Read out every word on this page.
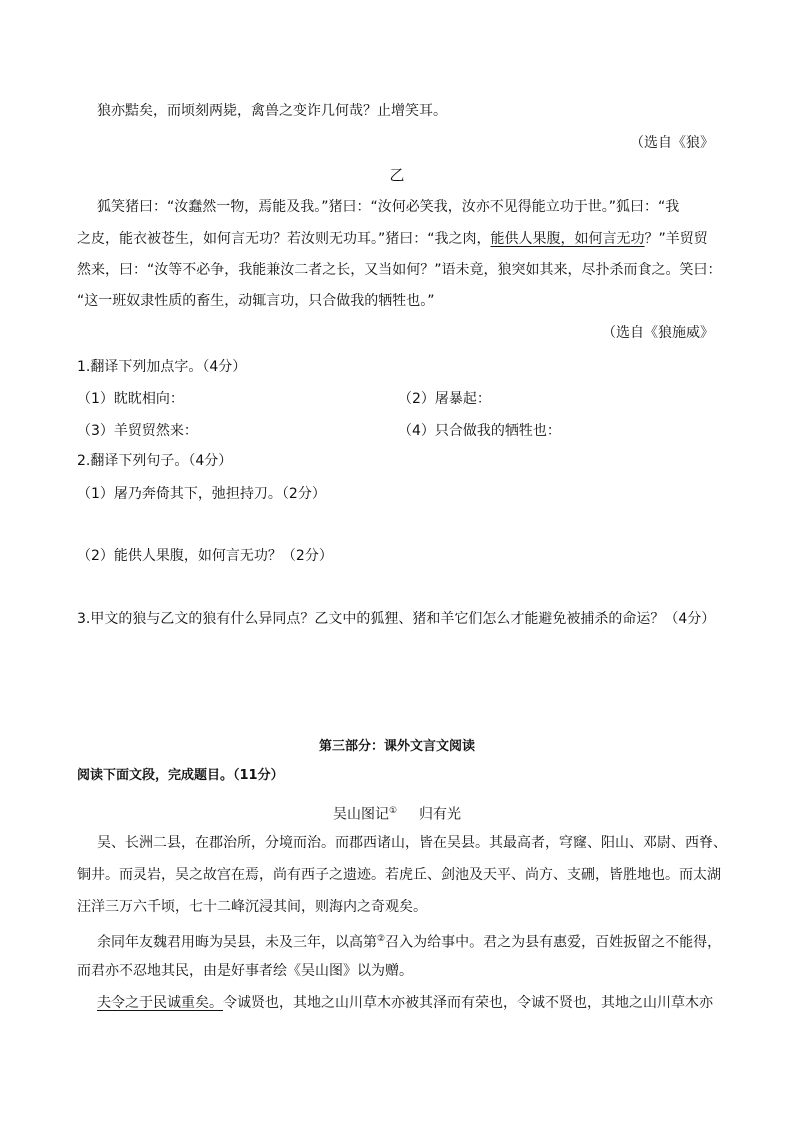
狼亦黠矣，而顷刻两毙，禽兽之变诈几何哉？止增笑耳。
（选自《狼》
乙
狐笑猪曰：“汝蠢然一物，焉能及我。”猪曰：“汝何必笑我，汝亦不见得能立功于世。”狐曰：“我
之皮，能衣被苍生，如何言无功？若汝则无功耳。”猪曰：“我之肉，能供人果腹，如何言无功？”羊贸贸
然来，曰：“汝等不必争，我能兼汝二者之长，又当如何？”语未竟，狼突如其来，尽扑杀而食之。笑曰：
“这一班奴隶性质的畜生，动辄言功，只合做我的牺牲也。”
（选自《狼施威》
1.翻译下列加点字。（4分）
（1）眈眈相向：	（2）屠暴起：
（3）羊贸贸然来：	（4）只合做我的牺牲也：
2.翻译下列句子。（4分）
（1）屠乃奔倚其下，弛担持刀。（2分）
（2）能供人果腹，如何言无功？（2分）
3.甲文的狼与乙文的狼有什么异同点？乙文中的狐狸、猪和羊它们怎么才能避免被捕杀的命运？（4分）
第三部分：课外文言文阅读
阅读下面文段，完成题目。（11分）
吴山图记① 归有光
吴、长洲二县，在郡治所，分境而治。而郡西诸山，皆在吴县。其最高者，穹窿、阳山、邓尉、西脊、
铜井。而灵岩，吴之故宫在焉，尚有西子之遗迹。若虎丘、剑池及天平、尚方、支硎，皆胜地也。而太湖
汪洋三万六千顷，七十二峰沉浸其间，则海内之奇观矣。
余同年友魏君用晦为吴县，未及三年，以高第②召入为给事中。君之为县有惠爱，百姓扳留之不能得，
而君亦不忍地其民，由是好事者绘《吴山图》以为赠。
夫令之于民诚重矣。令诚贤也，其地之山川草木亦被其泽而有荣也，令诚不贤也，其地之山川草木亦
